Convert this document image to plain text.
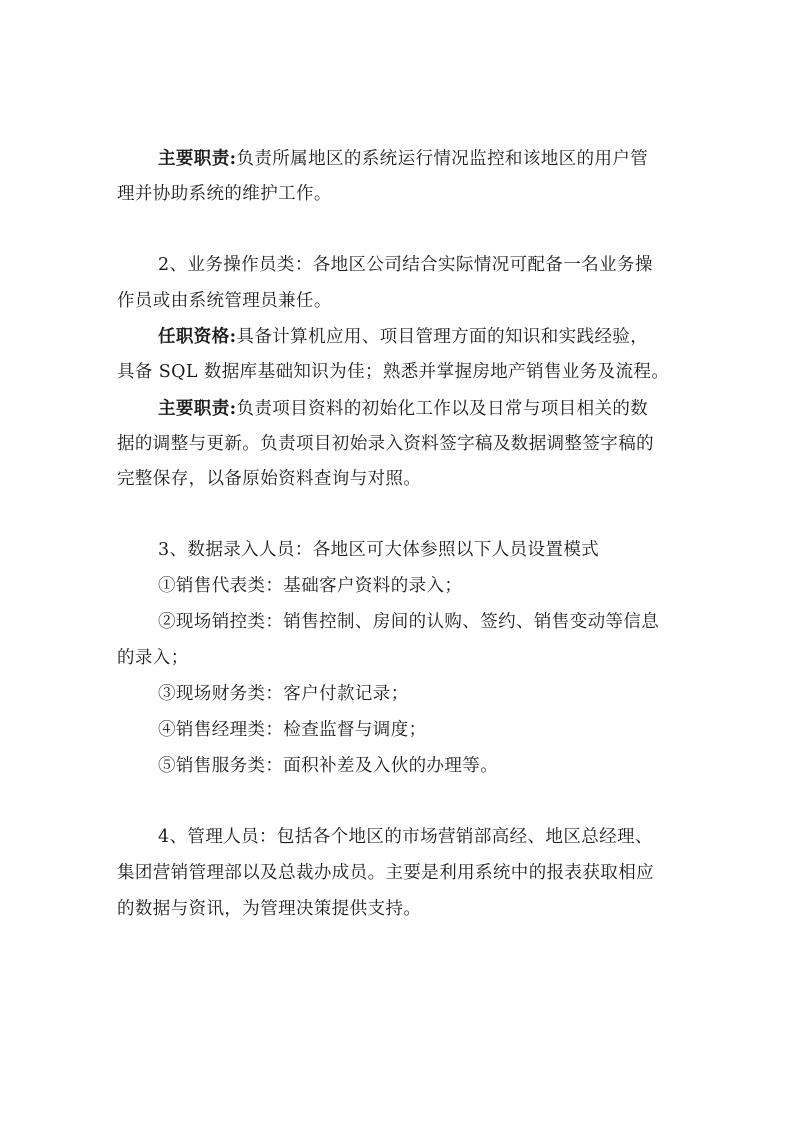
主要职责:负责所属地区的系统运行情况监控和该地区的用户管
理并协助系统的维护工作。
2、业务操作员类：各地区公司结合实际情况可配备一名业务操
作员或由系统管理员兼任。
任职资格:具备计算机应用、项目管理方面的知识和实践经验，
具备 SQL 数据库基础知识为佳；熟悉并掌握房地产销售业务及流程。
主要职责:负责项目资料的初始化工作以及日常与项目相关的数
据的调整与更新。负责项目初始录入资料签字稿及数据调整签字稿的
完整保存，以备原始资料查询与对照。
3、数据录入人员：各地区可大体参照以下人员设置模式
①销售代表类：基础客户资料的录入；
②现场销控类：销售控制、房间的认购、签约、销售变动等信息
的录入；
③现场财务类：客户付款记录；
④销售经理类：检查监督与调度；
⑤销售服务类：面积补差及入伙的办理等。
4、管理人员：包括各个地区的市场营销部高经、地区总经理、
集团营销管理部以及总裁办成员。主要是利用系统中的报表获取相应
的数据与资讯，为管理决策提供支持。
